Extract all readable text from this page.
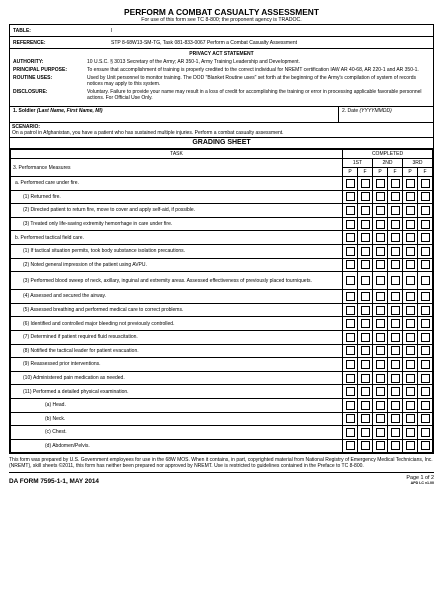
PERFORM A COMBAT CASUALTY ASSESSMENT
For use of this form see TC 8-800; the proponent agency is TRADOC.
TABLE:	I
REFERENCE:	STP 8-68W13-SM-TG, Task 081-833-0067 Perform a Combat Casualty Assessment
PRIVACY ACT STATEMENT
AUTHORITY:	10 U.S.C. § 3013 Secretary of the Army; AR 350-1, Army Training Leadership and Development.
PRINCIPAL PURPOSE:	To ensure that accomplishment of training is properly credited to the correct individual for NREMT certification IAW AR 40-68, AR 220-1 and AR 350-1.
ROUTINE USES:	Used by Unit personnel to monitor training. The DOD "Blanket Routine uses" set forth at the beginning of the Army's compilation of system of records notices may apply to this system.
DISCLOSURE:	Voluntary. Failure to provide your name may result in a loss of credit for accomplishing the training or error in processing applicable favorable personnel actions. For Official Use Only.
1. Soldier (Last Name, First Name, MI)	2. Date (YYYYMMDD)
SCENARIO:
On a patrol in Afghanistan, you have a patient who has sustained multiple injuries. Perform a combat casualty assessment.
GRADING SHEET
TASK	COMPLETED					
3. Performance Measures	1ST		2ND		3RD	
	P	F	P	F	P	F
a. Performed care under fire.	

(1) Returned fire.	

(2) Directed patient to return fire, move to cover and apply self-aid, if possible.	

(3) Treated only life-saving extremity hemorrhage in care under fire.	

b. Performed tactical field care.	

(1) If tactical situation permits, took body substance isolation precautions.	

(2) Noted general impression of the patient using AVPU.	

(3) Performed blood sweep of neck, axillary, inguinal and extremity areas. Assessed effectiveness of previously placed tourniquets.	

(4) Assessed and secured the airway.	

(5) Assessed breathing and performed medical care to correct problems.	

(6) Identified and controlled major bleeding not previously controlled.	

(7) Determined if patient required fluid resuscitation.	

(8) Notified the tactical leader for patient evacuation.	

(9) Reassessed prior interventions.	

(10) Administered pain medication as needed.	

(11) Performed a detailed physical examination.	

(a) Head.	

(b) Neck.	

(c) Chest.	

(d) Abdomen/Pelvis.	

This form was prepared by U.S. Government employees for use in the 68W MOS. When it contains, in part, copyrighted material from National Registry of Emergency Medical Technicians, Inc. (NREMT), skill sheets ©2011, this form has neither been prepared nor approved by NREMT. Use is restricted to guidelines contained in the Preface to TC 8-800.
DA FORM 7595-1-1, MAY 2014	Page 1 of 2
APD LC v1.00
